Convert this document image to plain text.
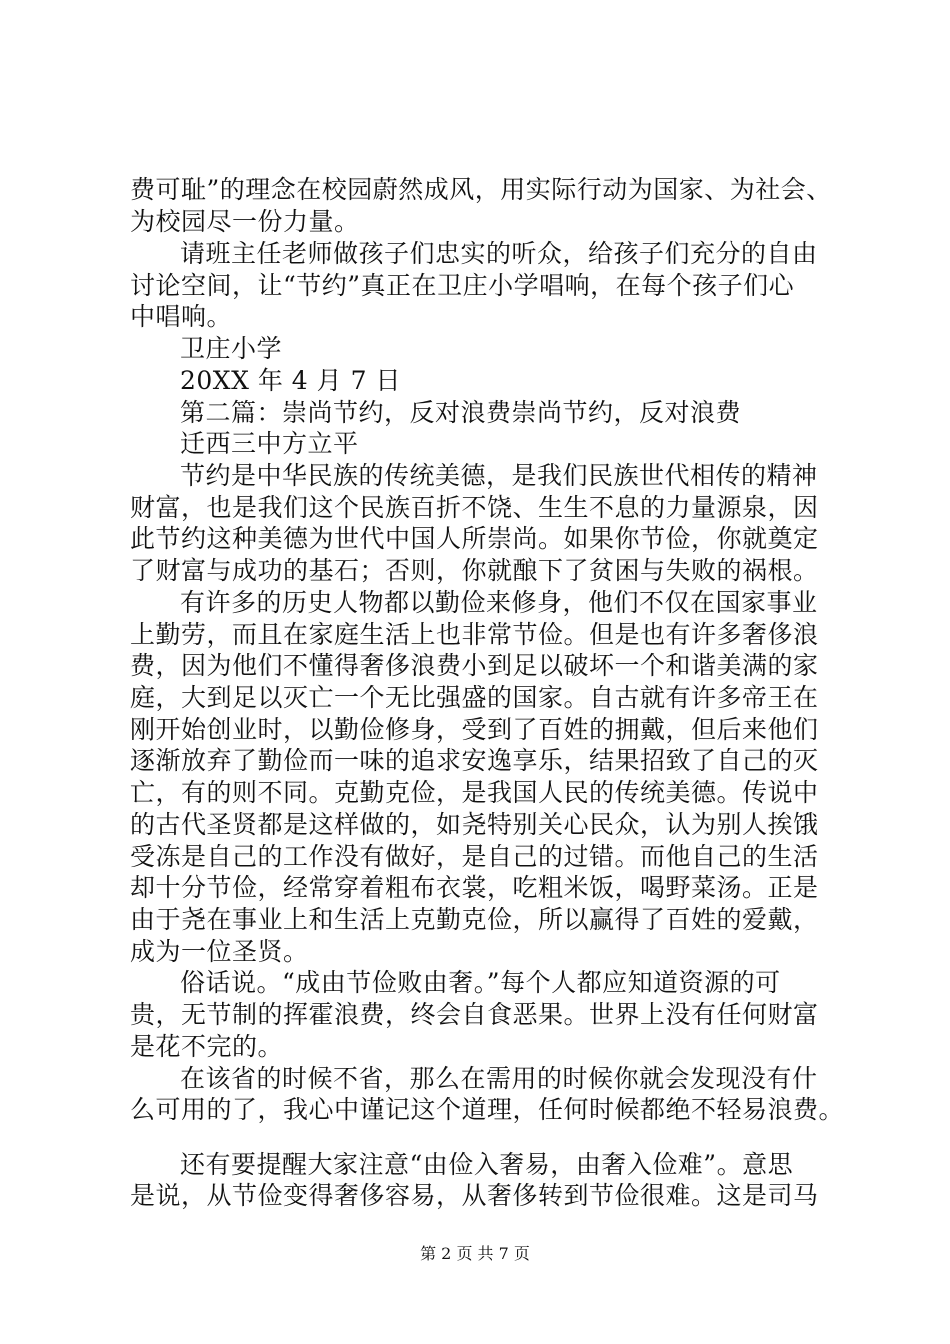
费可耻”的理念在校园蔚然成风，用实际行动为国家、为社会、
为校园尽一份力量。
请班主任老师做孩子们忠实的听众，给孩子们充分的自由
讨论空间，让“节约”真正在卫庄小学唱响，在每个孩子们心
中唱响。
卫庄小学
20XX 年 4 月 7 日
第二篇：崇尚节约，反对浪费崇尚节约，反对浪费
迁西三中方立平
节约是中华民族的传统美德，是我们民族世代相传的精神
财富，也是我们这个民族百折不饶、生生不息的力量源泉，因
此节约这种美德为世代中国人所崇尚。如果你节俭，你就奠定
了财富与成功的基石；否则，你就酿下了贫困与失败的祸根。
有许多的历史人物都以勤俭来修身，他们不仅在国家事业
上勤劳，而且在家庭生活上也非常节俭。但是也有许多奢侈浪
费，因为他们不懂得奢侈浪费小到足以破坏一个和谐美满的家
庭，大到足以灭亡一个无比强盛的国家。自古就有许多帝王在
刚开始创业时，以勤俭修身，受到了百姓的拥戴，但后来他们
逐渐放弃了勤俭而一味的追求安逸享乐，结果招致了自己的灭
亡，有的则不同。克勤克俭，是我国人民的传统美德。传说中
的古代圣贤都是这样做的，如尧特别关心民众，认为别人挨饿
受冻是自己的工作没有做好，是自己的过错。而他自己的生活
却十分节俭，经常穿着粗布衣裳，吃粗米饭，喝野菜汤。正是
由于尧在事业上和生活上克勤克俭，所以赢得了百姓的爱戴，
成为一位圣贤。
俗话说。“成由节俭败由奢。”每个人都应知道资源的可
贵，无节制的挥霍浪费，终会自食恶果。世界上没有任何财富
是花不完的。
在该省的时候不省，那么在需用的时候你就会发现没有什
么可用的了，我心中谨记这个道理，任何时候都绝不轻易浪费。
还有要提醒大家注意“由俭入奢易，由奢入俭难”。意思
是说，从节俭变得奢侈容易，从奢侈转到节俭很难。这是司马
第 2 页 共 7 页
